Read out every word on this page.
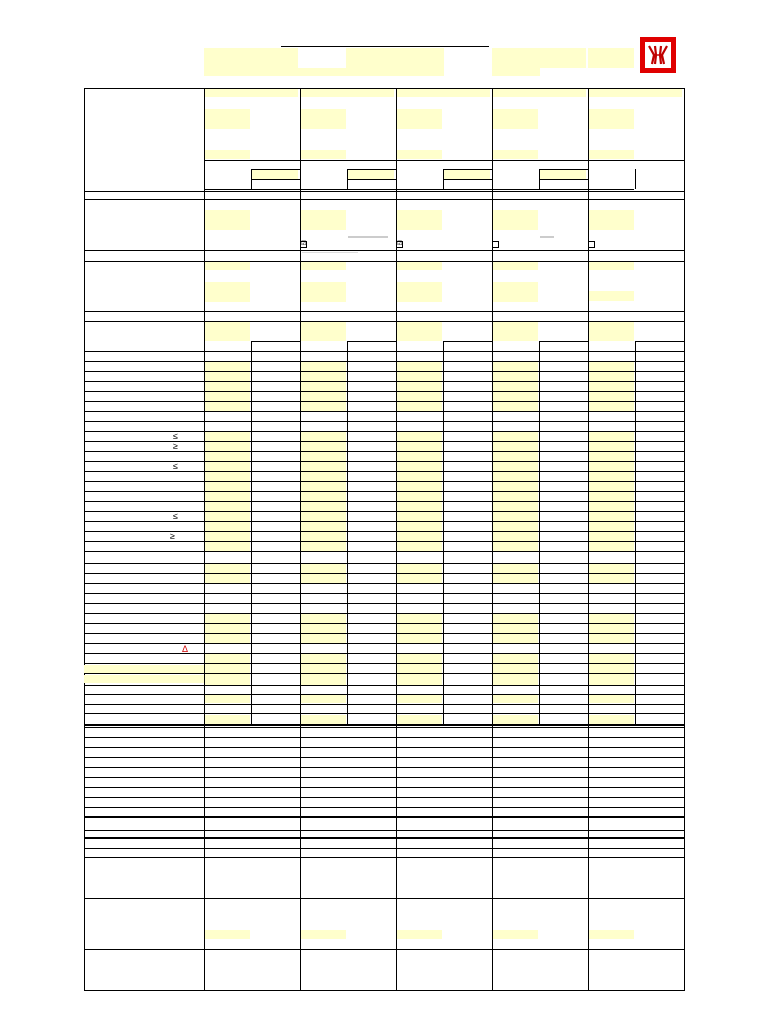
≤
≥
≤
≤
≥
Δ
☑	☑
